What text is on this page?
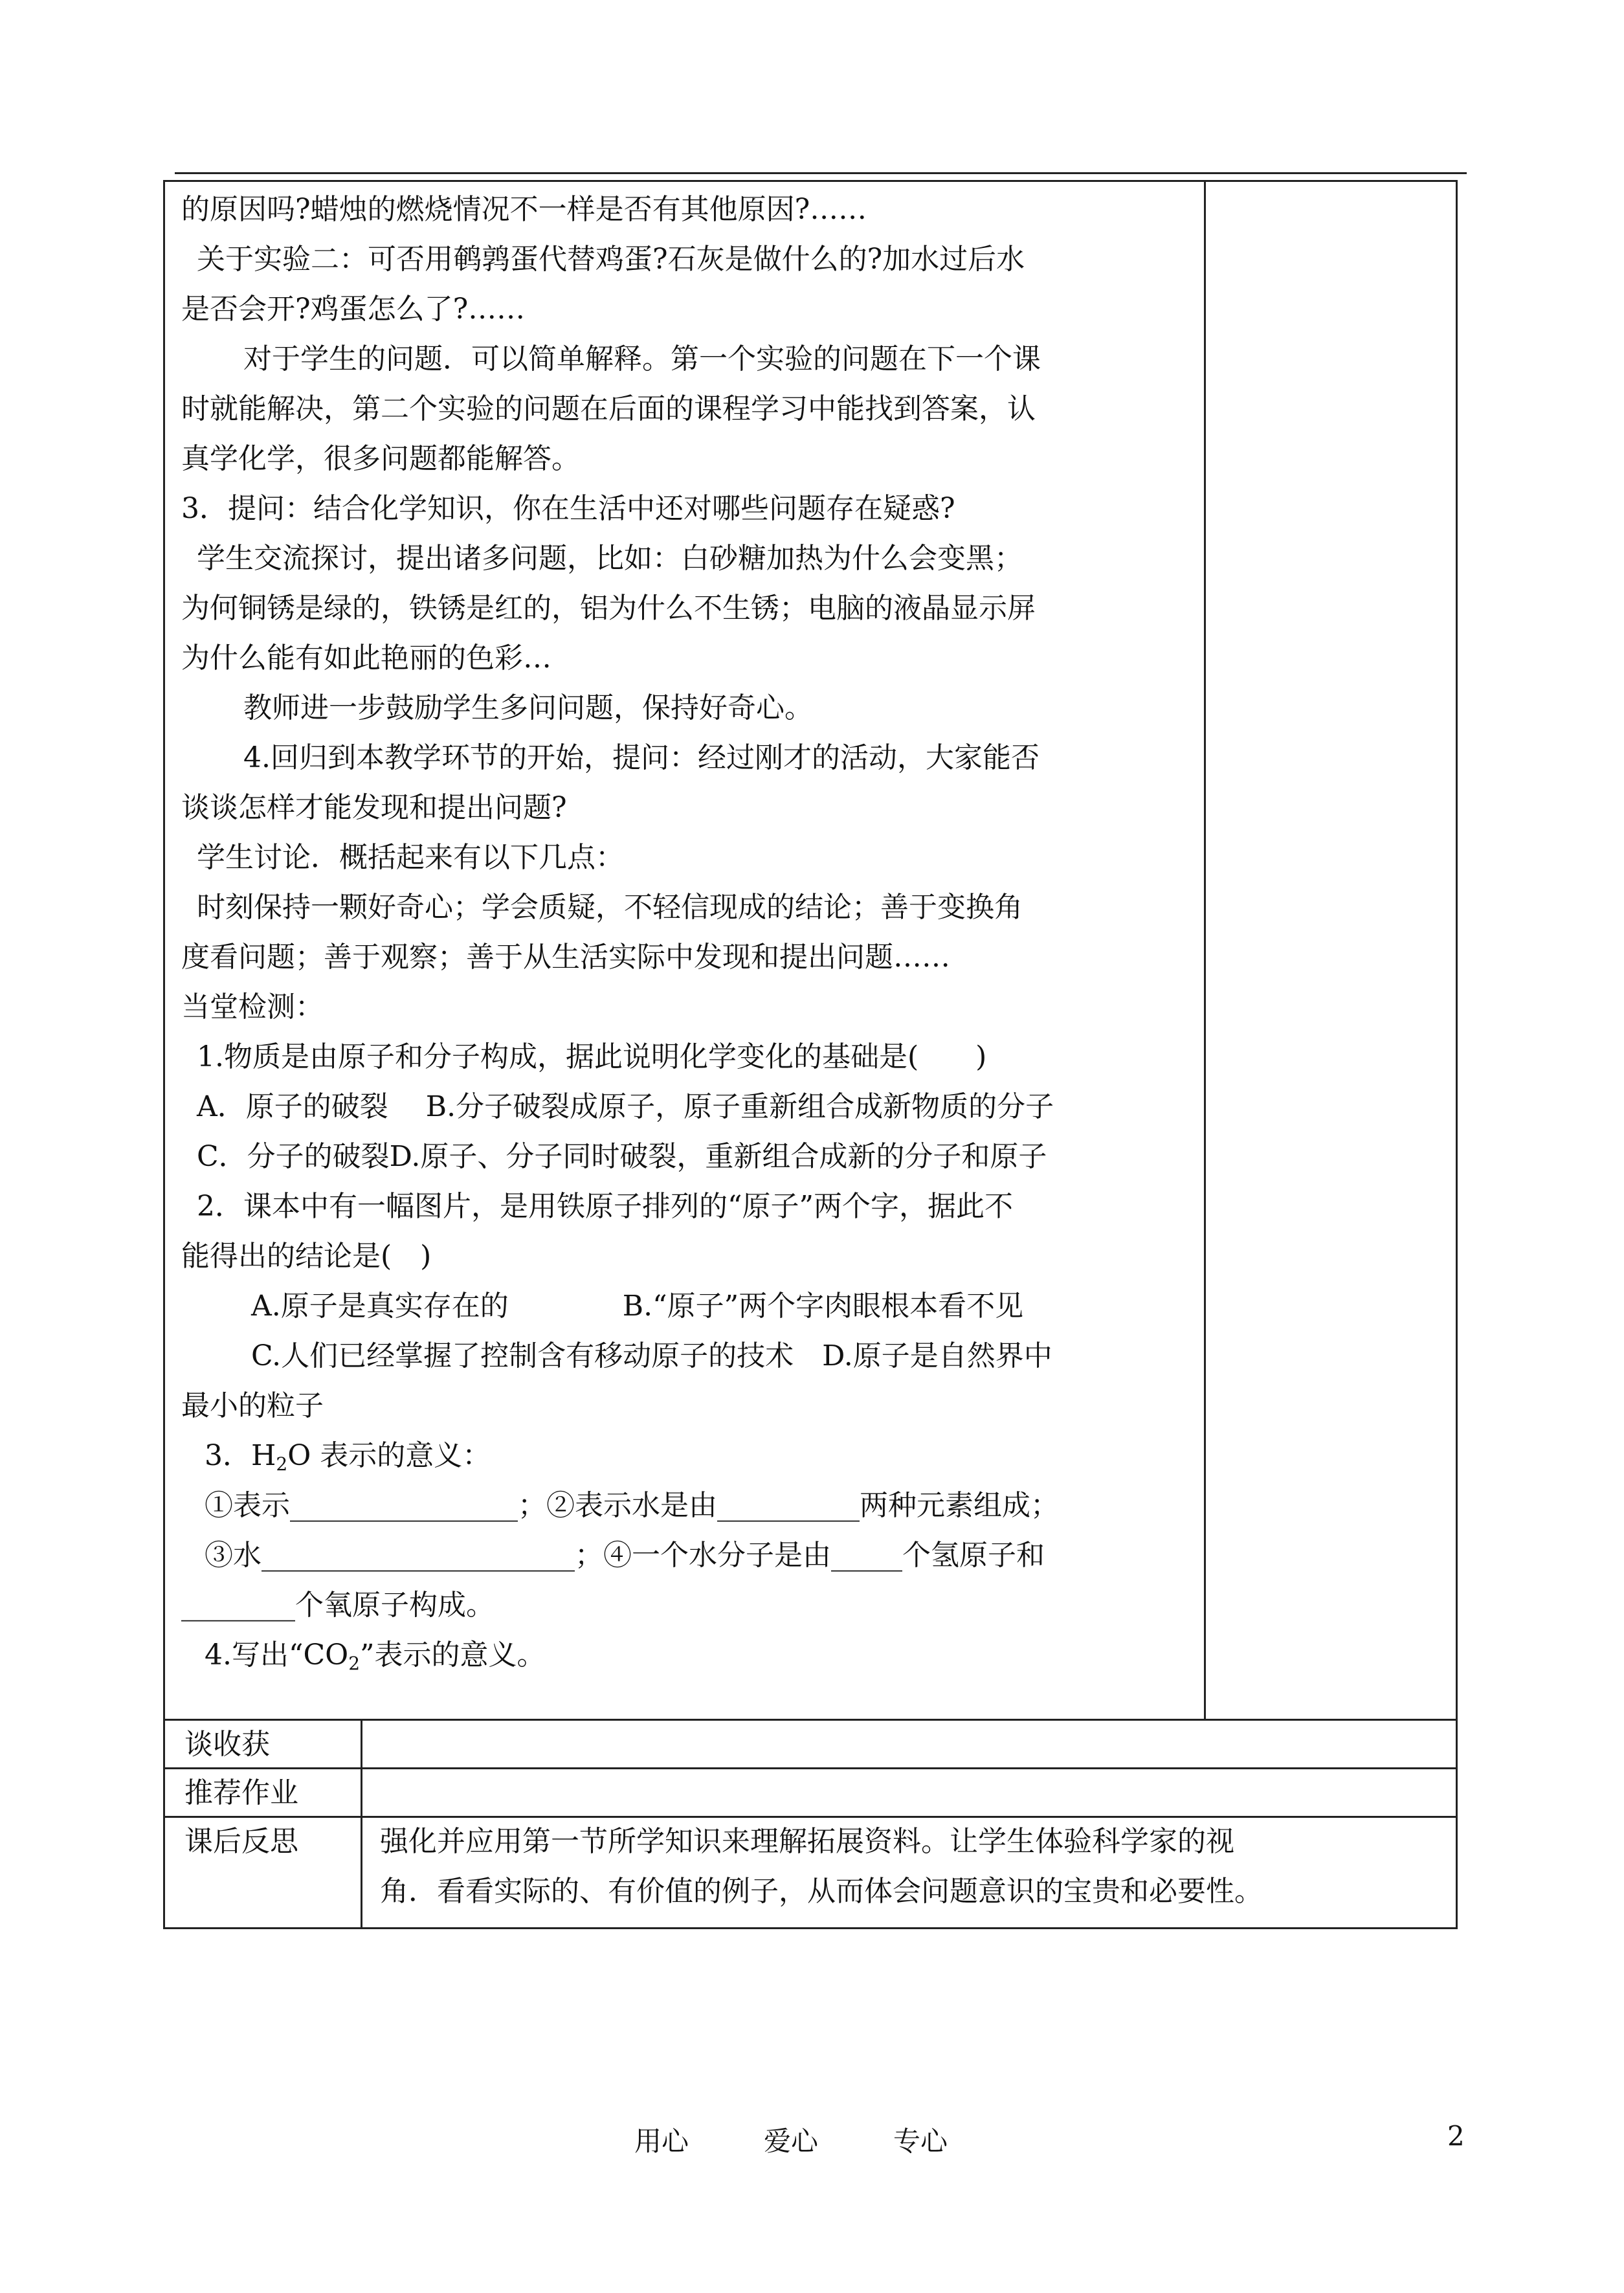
的原因吗?蜡烛的燃烧情况不一样是否有其他原因?……
关于实验二：可否用鹌鹑蛋代替鸡蛋?石灰是做什么的?加水过后水
是否会开?鸡蛋怎么了?……
对于学生的问题．可以简单解释。第一个实验的问题在下一个课
时就能解决，第二个实验的问题在后面的课程学习中能找到答案，认
真学化学，很多问题都能解答。
3．提问：结合化学知识，你在生活中还对哪些问题存在疑惑?
学生交流探讨，提出诸多问题，比如：白砂糖加热为什么会变黑；
为何铜锈是绿的，铁锈是红的，铝为什么不生锈；电脑的液晶显示屏
为什么能有如此艳丽的色彩…
教师进一步鼓励学生多问问题，保持好奇心。
4.回归到本教学环节的开始，提问：经过刚才的活动，大家能否
谈谈怎样才能发现和提出问题?
学生讨论．概括起来有以下几点：
时刻保持一颗好奇心；学会质疑，不轻信现成的结论；善于变换角
度看问题；善于观察；善于从生活实际中发现和提出问题……
当堂检测：
1.物质是由原子和分子构成，据此说明化学变化的基础是(　　)
A．原子的破裂　 B.分子破裂成原子，原子重新组合成新物质的分子
C．分子的破裂D.原子、分子同时破裂，重新组合成新的分子和原子
2．课本中有一幅图片，是用铁原子排列的“原子”两个字，据此不
能得出的结论是(　)
A.原子是真实存在的　　　　B.“原子”两个字肉眼根本看不见
C.人们已经掌握了控制含有移动原子的技术　D.原子是自然界中
最小的粒子
3．$H_2O$ 表示的意义：
①表示________________；②表示水是由__________两种元素组成；
③水______________________；④一个水分子是由_____个氢原子和
________个氧原子构成。
4.写出“$CO_2$”表示的意义。
谈收获
推荐作业
课后反思	强化并应用第一节所学知识来理解拓展资料。让学生体验科学家的视
角．看看实际的、有价值的例子，从而体会问题意识的宝贵和必要性。
用心	爱心	专心	2
